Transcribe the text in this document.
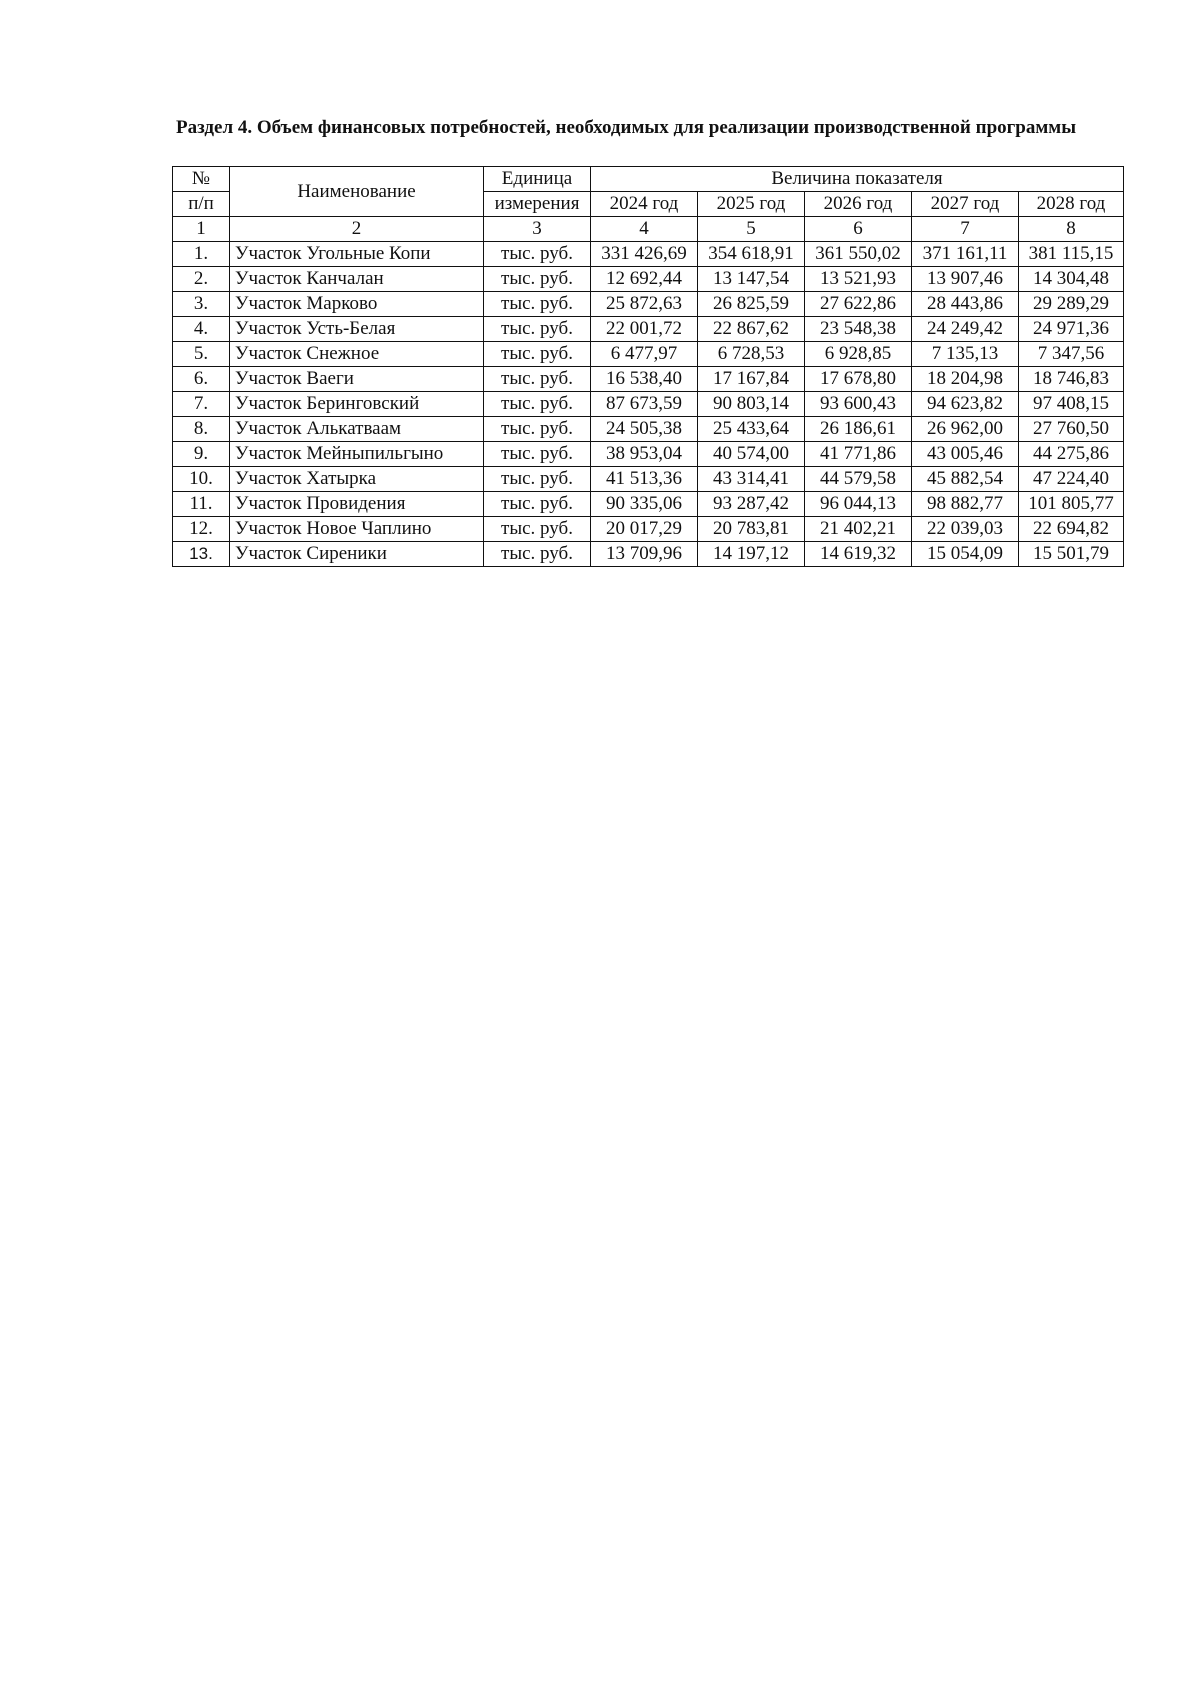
Раздел 4. Объем финансовых потребностей, необходимых для реализации производственной программы

№	Наименование	Единица	Величина показателя				
п/п		измерения	2024 год	2025 год	2026 год	2027 год	2028 год
1	2	3	4	5	6	7	8
1.	Участок Угольные Копи	тыс. руб.	331 426,69	354 618,91	361 550,02	371 161,11	381 115,15
2.	Участок Канчалан	тыс. руб.	12 692,44	13 147,54	13 521,93	13 907,46	14 304,48
3.	Участок Марково	тыс. руб.	25 872,63	26 825,59	27 622,86	28 443,86	29 289,29
4.	Участок Усть-Белая	тыс. руб.	22 001,72	22 867,62	23 548,38	24 249,42	24 971,36
5.	Участок Снежное	тыс. руб.	6 477,97	6 728,53	6 928,85	7 135,13	7 347,56
6.	Участок Ваеги	тыс. руб.	16 538,40	17 167,84	17 678,80	18 204,98	18 746,83
7.	Участок Беринговский	тыс. руб.	87 673,59	90 803,14	93 600,43	94 623,82	97 408,15
8.	Участок Алькатваам	тыс. руб.	24 505,38	25 433,64	26 186,61	26 962,00	27 760,50
9.	Участок Мейныпильгыно	тыс. руб.	38 953,04	40 574,00	41 771,86	43 005,46	44 275,86
10.	Участок Хатырка	тыс. руб.	41 513,36	43 314,41	44 579,58	45 882,54	47 224,40
11.	Участок Провидения	тыс. руб.	90 335,06	93 287,42	96 044,13	98 882,77	101 805,77
12.	Участок Новое Чаплино	тыс. руб.	20 017,29	20 783,81	21 402,21	22 039,03	22 694,82
13.	Участок Сиреники	тыс. руб.	13 709,96	14 197,12	14 619,32	15 054,09	15 501,79
